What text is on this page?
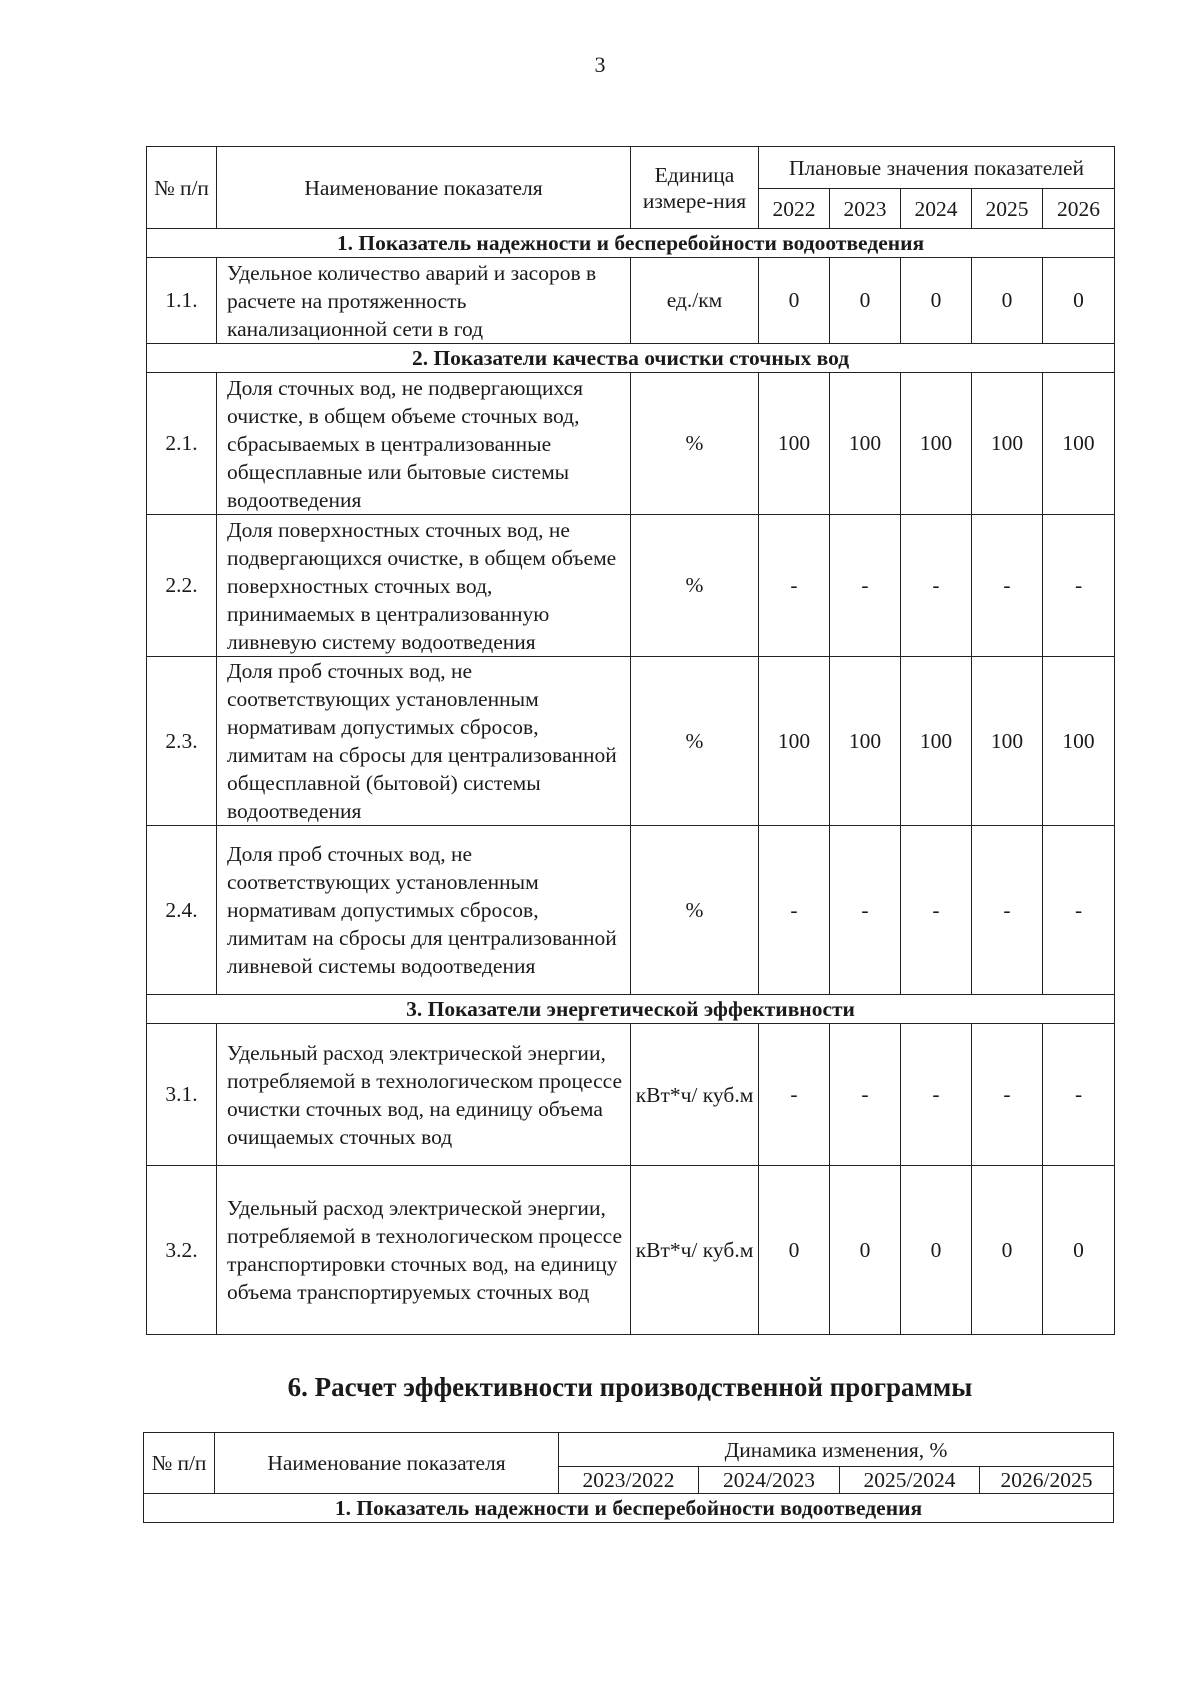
3
№ п/п	Наименование показателя	Единица измере-ния	Плановые значения показателей				
			2022	2023	2024	2025	2026
1. Показатель надежности и бесперебойности водоотведения							
1.1.	Удельное количество аварий и засоров в расчете на протяженность канализационной сети в год	ед./км	0	0	0	0	0
2. Показатели качества очистки сточных вод							
2.1.	Доля сточных вод, не подвергающихся очистке, в общем объеме сточных вод, сбрасываемых в централизованные общесплавные или бытовые системы водоотведения	%	100	100	100	100	100
2.2.	Доля поверхностных сточных вод, не подвергающихся очистке, в общем объеме поверхностных сточных вод, принимаемых в централизованную ливневую систему водоотведения	%	-	-	-	-	-
2.3.	Доля проб сточных вод, не соответствующих установленным нормативам допустимых сбросов, лимитам на сбросы для централизованной общесплавной (бытовой) системы водоотведения	%	100	100	100	100	100
2.4.	Доля проб сточных вод, не соответствующих установленным нормативам допустимых сбросов, лимитам на сбросы для централизованной ливневой системы водоотведения	%	-	-	-	-	-
3. Показатели энергетической эффективности							
3.1.	Удельный расход электрической энергии, потребляемой в технологическом процессе очистки сточных вод, на единицу объема очищаемых сточных вод	кВт*ч/ куб.м	-	-	-	-	-
3.2.	Удельный расход электрической энергии, потребляемой в технологическом процессе транспортировки сточных вод, на единицу объема транспортируемых сточных вод	кВт*ч/ куб.м	0	0	0	0	0
6. Расчет эффективности производственной программы
№ п/п	Наименование показателя	Динамика изменения, %			
		2023/2022	2024/2023	2025/2024	2026/2025
1. Показатель надежности и бесперебойности водоотведения					
